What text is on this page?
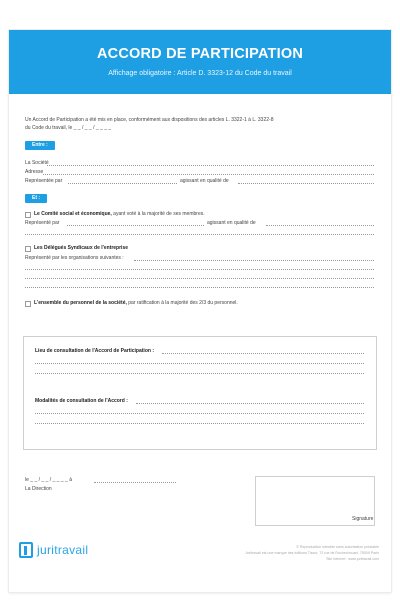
ACCORD DE PARTICIPATION
Affichage obligatoire : Article D. 3323-12 du Code du travail
Un Accord de Participation a été mis en place, conformément aux dispositions des articles L. 3322-1 à L. 3322-8
du Code du travail, le _ _ / _ _ / _ _ _ _
Entre :
La Société
Adresse
Représentée par	agissant en qualité de
Et :
Le Comité social et économique, ayant voté à la majorité de ses membres.
Représenté par	agissant en qualité de
Les Délégués Syndicaux de l'entreprise
Représenté par les organisations suivantes :
L'ensemble du personnel de la société, par ratification à la majorité des 2/3 du personnel.
Lieu de consultation de l'Accord de Participation :
Modalités de consultation de l'Accord :
le _ _ / _ _ / _ _ _ _ à
La Direction
Signature
juritravail	© Reproduction interdite sans autorisation préalable
Juritravail est une marque des éditions Tissot, 72 rue de Rochechouart, 75009 Paris
Site internet : www.juritravail.com
